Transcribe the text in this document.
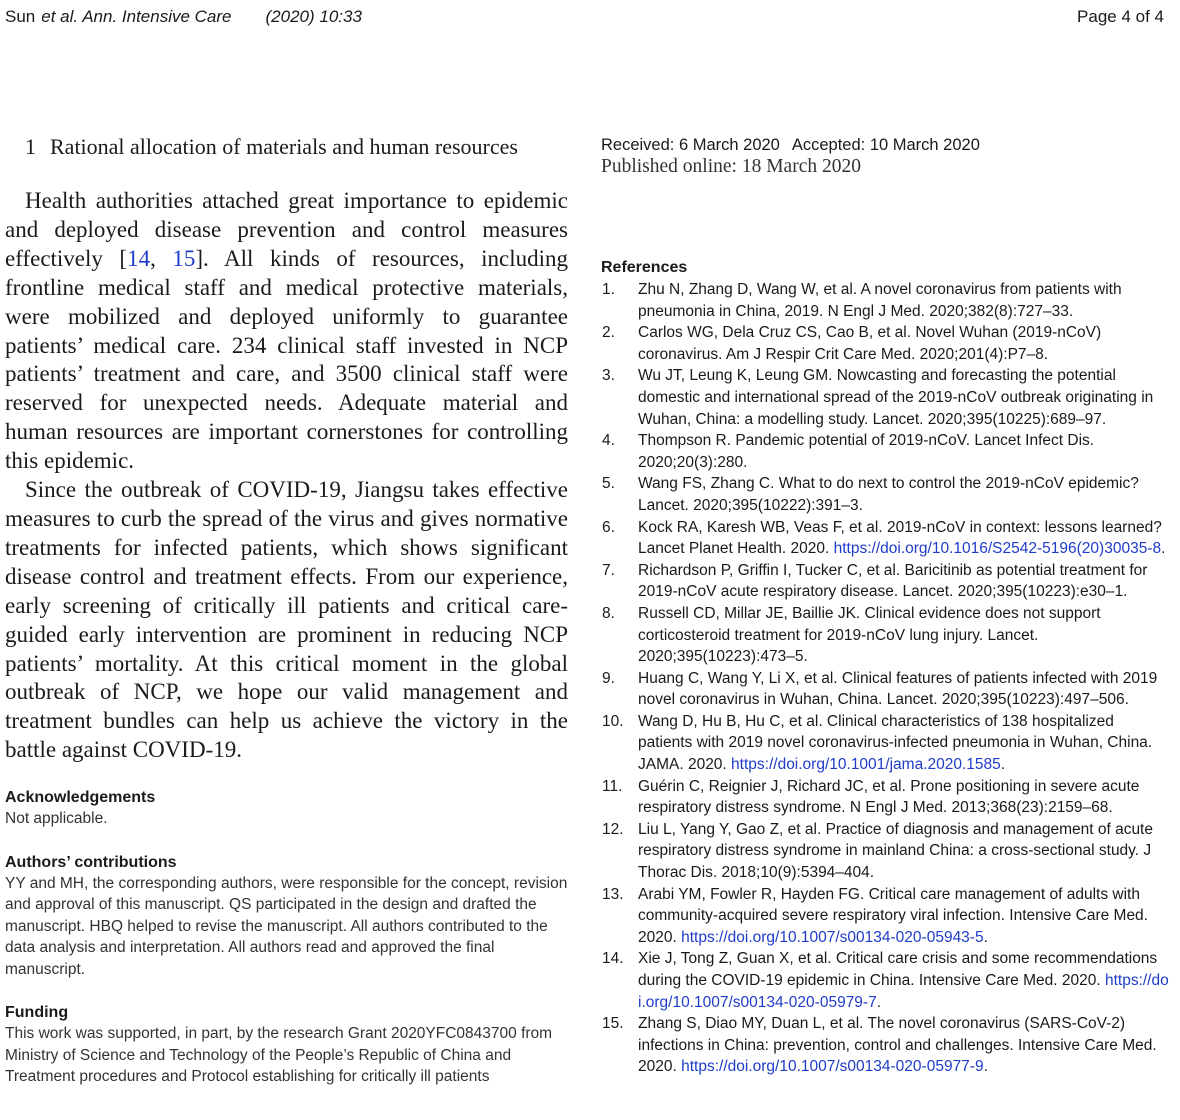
Sun et al. Ann. Intensive Care (2020) 10:33	Page 4 of 4
1 Rational allocation of materials and human resources

Health authorities attached great importance to epidemic and deployed disease prevention and control measures effectively [14, 15]. All kinds of resources, including frontline medical staff and medical protective materials, were mobilized and deployed uniformly to guarantee patients’ medical care. 234 clinical staff invested in NCP patients’ treatment and care, and 3500 clinical staff were reserved for unexpected needs. Adequate material and human resources are important cornerstones for controlling this epidemic.

Since the outbreak of COVID-19, Jiangsu takes effective measures to curb the spread of the virus and gives normative treatments for infected patients, which shows significant disease control and treatment effects. From our experience, early screening of critically ill patients and critical care-guided early intervention are prominent in reducing NCP patients’ mortality. At this critical moment in the global outbreak of NCP, we hope our valid management and treatment bundles can help us achieve the victory in the battle against COVID-19.

Acknowledgements

Not applicable.

Authors’ contributions

YY and MH, the corresponding authors, were responsible for the concept, revision and approval of this manuscript. QS participated in the design and drafted the manuscript. HBQ helped to revise the manuscript. All authors contributed to the data analysis and interpretation. All authors read and approved the final manuscript.

Funding

This work was supported, in part, by the research Grant 2020YFC0843700 from Ministry of Science and Technology of the People’s Republic of China and Treatment procedures and Protocol establishing for critically ill patients

Received: 6 March 2020 Accepted: 10 March 2020
Published online: 18 March 2020
References
1. Zhu N, Zhang D, Wang W, et al. A novel coronavirus from patients with pneumonia in China, 2019. N Engl J Med. 2020;382(8):727–33.
2. Carlos WG, Dela Cruz CS, Cao B, et al. Novel Wuhan (2019-nCoV) coronavirus. Am J Respir Crit Care Med. 2020;201(4):P7–8.
3. Wu JT, Leung K, Leung GM. Nowcasting and forecasting the potential domestic and international spread of the 2019-nCoV outbreak originating in Wuhan, China: a modelling study. Lancet. 2020;395(10225):689–97.
4. Thompson R. Pandemic potential of 2019-nCoV. Lancet Infect Dis. 2020;20(3):280.
5. Wang FS, Zhang C. What to do next to control the 2019-nCoV epidemic? Lancet. 2020;395(10222):391–3.
6. Kock RA, Karesh WB, Veas F, et al. 2019-nCoV in context: lessons learned? Lancet Planet Health. 2020. https://doi.org/10.1016/S2542-5196(20)30035-8.
7. Richardson P, Griffin I, Tucker C, et al. Baricitinib as potential treatment for 2019-nCoV acute respiratory disease. Lancet. 2020;395(10223):e30–1.
8. Russell CD, Millar JE, Baillie JK. Clinical evidence does not support corticosteroid treatment for 2019-nCoV lung injury. Lancet. 2020;395(10223):473–5.
9. Huang C, Wang Y, Li X, et al. Clinical features of patients infected with 2019 novel coronavirus in Wuhan, China. Lancet. 2020;395(10223):497–506.
10. Wang D, Hu B, Hu C, et al. Clinical characteristics of 138 hospitalized patients with 2019 novel coronavirus-infected pneumonia in Wuhan, China. JAMA. 2020. https://doi.org/10.1001/jama.2020.1585.
11. Guérin C, Reignier J, Richard JC, et al. Prone positioning in severe acute respiratory distress syndrome. N Engl J Med. 2013;368(23):2159–68.
12. Liu L, Yang Y, Gao Z, et al. Practice of diagnosis and management of acute respiratory distress syndrome in mainland China: a cross-sectional study. J Thorac Dis. 2018;10(9):5394–404.
13. Arabi YM, Fowler R, Hayden FG. Critical care management of adults with community-acquired severe respiratory viral infection. Intensive Care Med. 2020. https://doi.org/10.1007/s00134-020-05943-5.
14. Xie J, Tong Z, Guan X, et al. Critical care crisis and some recommendations during the COVID-19 epidemic in China. Intensive Care Med. 2020. https://doi.org/10.1007/s00134-020-05979-7.
15. Zhang S, Diao MY, Duan L, et al. The novel coronavirus (SARS-CoV-2) infections in China: prevention, control and challenges. Intensive Care Med. 2020. https://doi.org/10.1007/s00134-020-05977-9.
